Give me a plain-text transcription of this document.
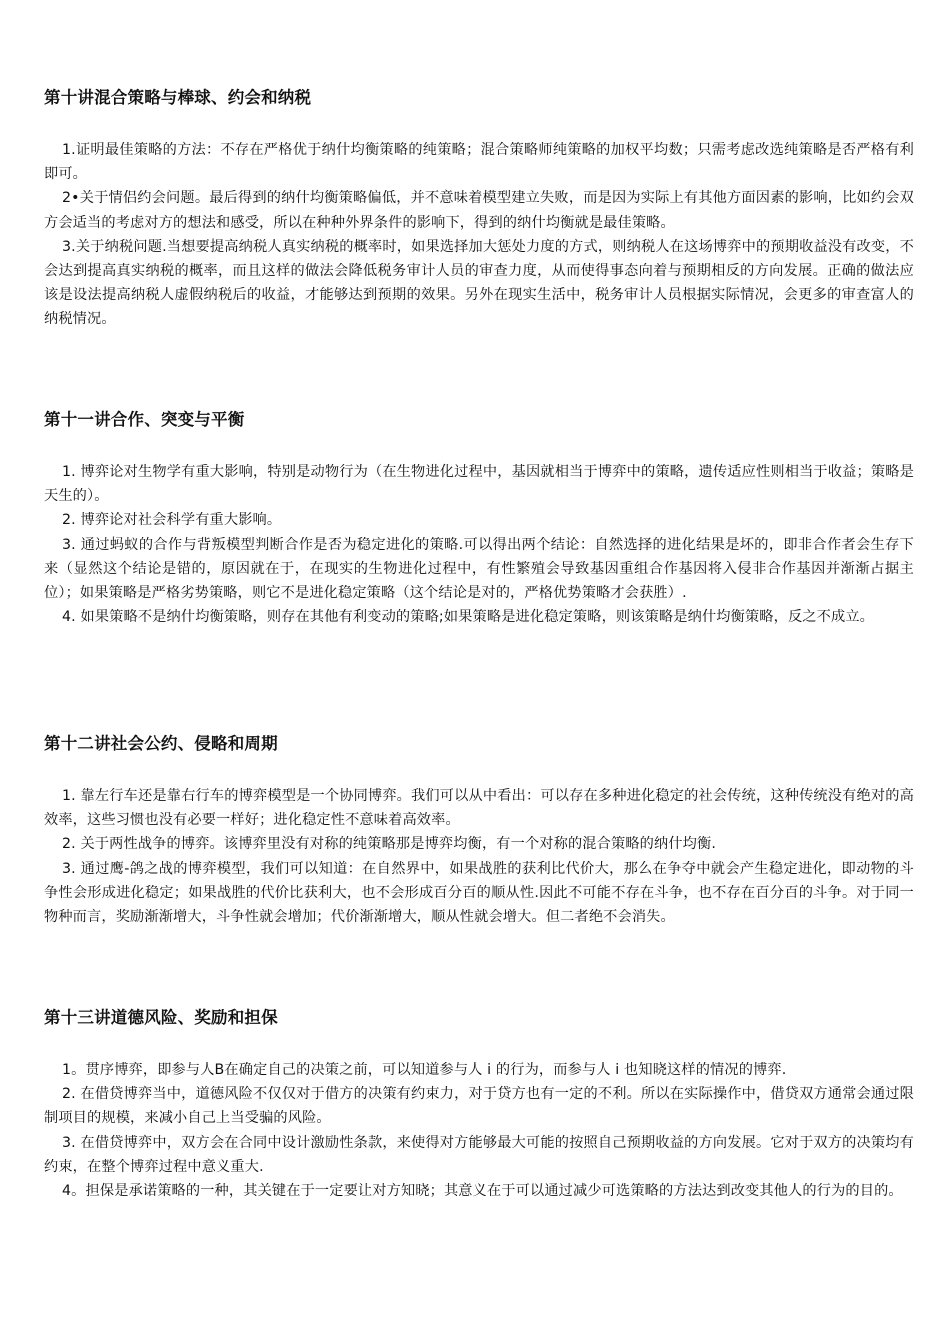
第十讲混合策略与棒球、约会和纳税

1.证明最佳策略的方法：不存在严格优于纳什均衡策略的纯策略；混合策略师纯策略的加权平均数；只需考虑改选纯策略是否严格有利即可。

2•关于情侣约会问题。最后得到的纳什均衡策略偏低，并不意味着模型建立失败，而是因为实际上有其他方面因素的影响，比如约会双方会适当的考虑对方的想法和感受，所以在种种外界条件的影响下，得到的纳什均衡就是最佳策略。

3.关于纳税问题.当想要提高纳税人真实纳税的概率时，如果选择加大惩处力度的方式，则纳税人在这场博弈中的预期收益没有改变，不会达到提高真实纳税的概率，而且这样的做法会降低税务审计人员的审查力度，从而使得事态向着与预期相反的方向发展。正确的做法应该是设法提高纳税人虚假纳税后的收益，才能够达到预期的效果。另外在现实生活中，税务审计人员根据实际情况，会更多的审查富人的纳税情况。

第十一讲合作、突变与平衡

1. 博弈论对生物学有重大影响，特别是动物行为（在生物进化过程中，基因就相当于博弈中的策略，遗传适应性则相当于收益；策略是天生的）。

2. 博弈论对社会科学有重大影响。

3. 通过蚂蚁的合作与背叛模型判断合作是否为稳定进化的策略.可以得出两个结论：自然选择的进化结果是坏的，即非合作者会生存下来（显然这个结论是错的，原因就在于，在现实的生物进化过程中，有性繁殖会导致基因重组合作基因将入侵非合作基因并渐渐占据主位）；如果策略是严格劣势策略，则它不是进化稳定策略（这个结论是对的，严格优势策略才会获胜）.

4. 如果策略不是纳什均衡策略，则存在其他有利变动的策略;如果策略是进化稳定策略，则该策略是纳什均衡策略，反之不成立。

第十二讲社会公约、侵略和周期

1. 靠左行车还是靠右行车的博弈模型是一个协同博弈。我们可以从中看出：可以存在多种进化稳定的社会传统，这种传统没有绝对的高效率，这些习惯也没有必要一样好；进化稳定性不意味着高效率。

2. 关于两性战争的博弈。该博弈里没有对称的纯策略那是博弈均衡，有一个对称的混合策略的纳什均衡.

3. 通过鹰-鸽之战的博弈模型，我们可以知道：在自然界中，如果战胜的获利比代价大，那么在争夺中就会产生稳定进化，即动物的斗争性会形成进化稳定；如果战胜的代价比获利大，也不会形成百分百的顺从性.因此不可能不存在斗争，也不存在百分百的斗争。对于同一物种而言，奖励渐渐增大，斗争性就会增加；代价渐渐增大，顺从性就会增大。但二者绝不会消失。

第十三讲道德风险、奖励和担保

1。贯序博弈，即参与人B在确定自己的决策之前，可以知道参与人 i 的行为，而参与人 i 也知晓这样的情况的博弈.

2. 在借贷博弈当中，道德风险不仅仅对于借方的决策有约束力，对于贷方也有一定的不利。所以在实际操作中，借贷双方通常会通过限制项目的规模，来减小自己上当受骗的风险。

3. 在借贷博弈中，双方会在合同中设计激励性条款，来使得对方能够最大可能的按照自己预期收益的方向发展。它对于双方的决策均有约束，在整个博弈过程中意义重大.

4。担保是承诺策略的一种，其关键在于一定要让对方知晓；其意义在于可以通过减少可选策略的方法达到改变其他人的行为的目的。
